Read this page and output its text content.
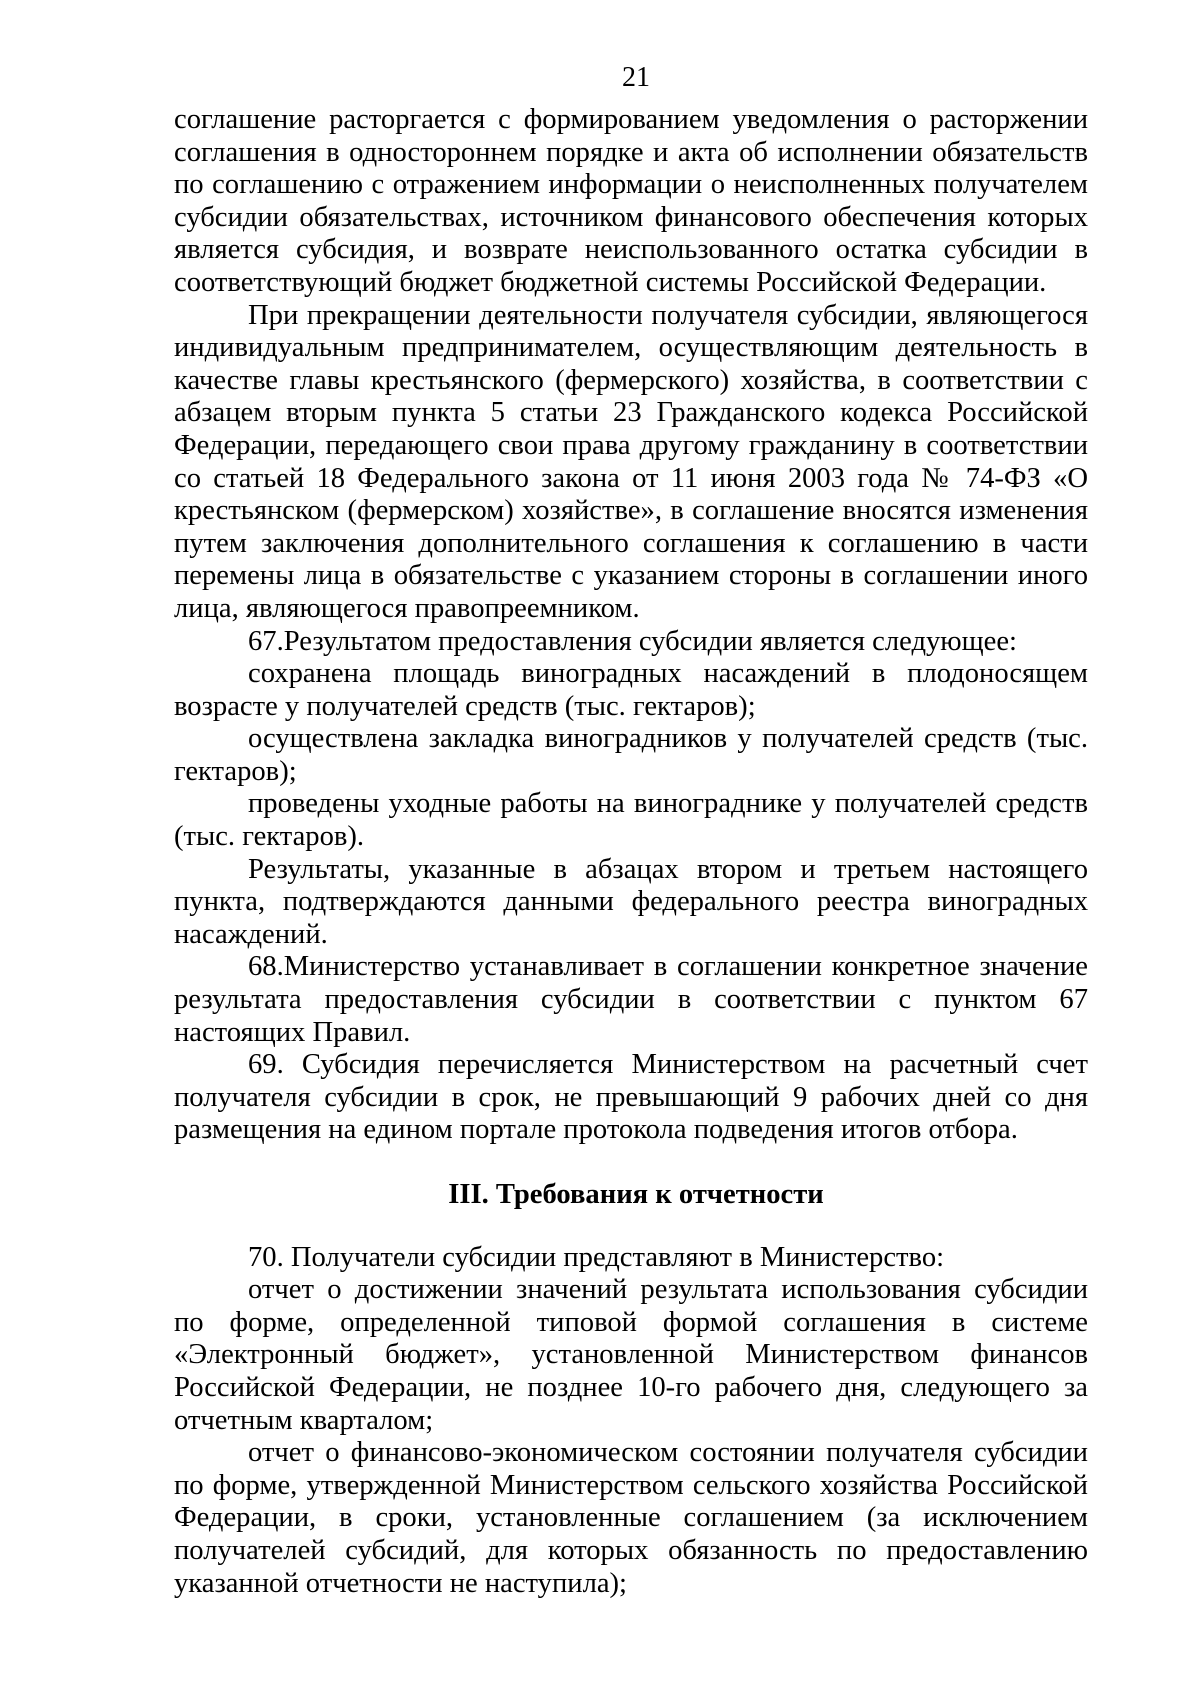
21

соглашение расторгается с формированием уведомления о расторжении соглашения в одностороннем порядке и акта об исполнении обязательств по соглашению с отражением информации о неисполненных получателем субсидии обязательствах, источником финансового обеспечения которых является субсидия, и возврате неиспользованного остатка субсидии в соответствующий бюджет бюджетной системы Российской Федерации.

При прекращении деятельности получателя субсидии, являющегося индивидуальным предпринимателем, осуществляющим деятельность в качестве главы крестьянского (фермерского) хозяйства, в соответствии с абзацем вторым пункта 5 статьи 23 Гражданского кодекса Российской Федерации, передающего свои права другому гражданину в соответствии со статьей 18 Федерального закона от 11 июня 2003 года № 74-ФЗ «О крестьянском (фермерском) хозяйстве», в соглашение вносятся изменения путем заключения дополнительного соглашения к соглашению в части перемены лица в обязательстве с указанием стороны в соглашении иного лица, являющегося правопреемником.

67.Результатом предоставления субсидии является следующее:

сохранена площадь виноградных насаждений в плодоносящем возрасте у получателей средств (тыс. гектаров);

осуществлена закладка виноградников у получателей средств (тыс. гектаров);

проведены уходные работы на винограднике у получателей средств (тыс. гектаров).

Результаты, указанные в абзацах втором и третьем настоящего пункта, подтверждаются данными федерального реестра виноградных насаждений.

68.Министерство устанавливает в соглашении конкретное значение результата предоставления субсидии в соответствии с пунктом 67 настоящих Правил.

69. Субсидия перечисляется Министерством на расчетный счет получателя субсидии в срок, не превышающий 9 рабочих дней со дня размещения на едином портале протокола подведения итогов отбора.

III. Требования к отчетности

70. Получатели субсидии представляют в Министерство:

отчет о достижении значений результата использования субсидии по форме, определенной типовой формой соглашения в системе «Электронный бюджет», установленной Министерством финансов Российской Федерации, не позднее 10-го рабочего дня, следующего за отчетным кварталом;

отчет о финансово-экономическом состоянии получателя субсидии по форме, утвержденной Министерством сельского хозяйства Российской Федерации, в сроки, установленные соглашением (за исключением получателей субсидий, для которых обязанность по предоставлению указанной отчетности не наступила);
